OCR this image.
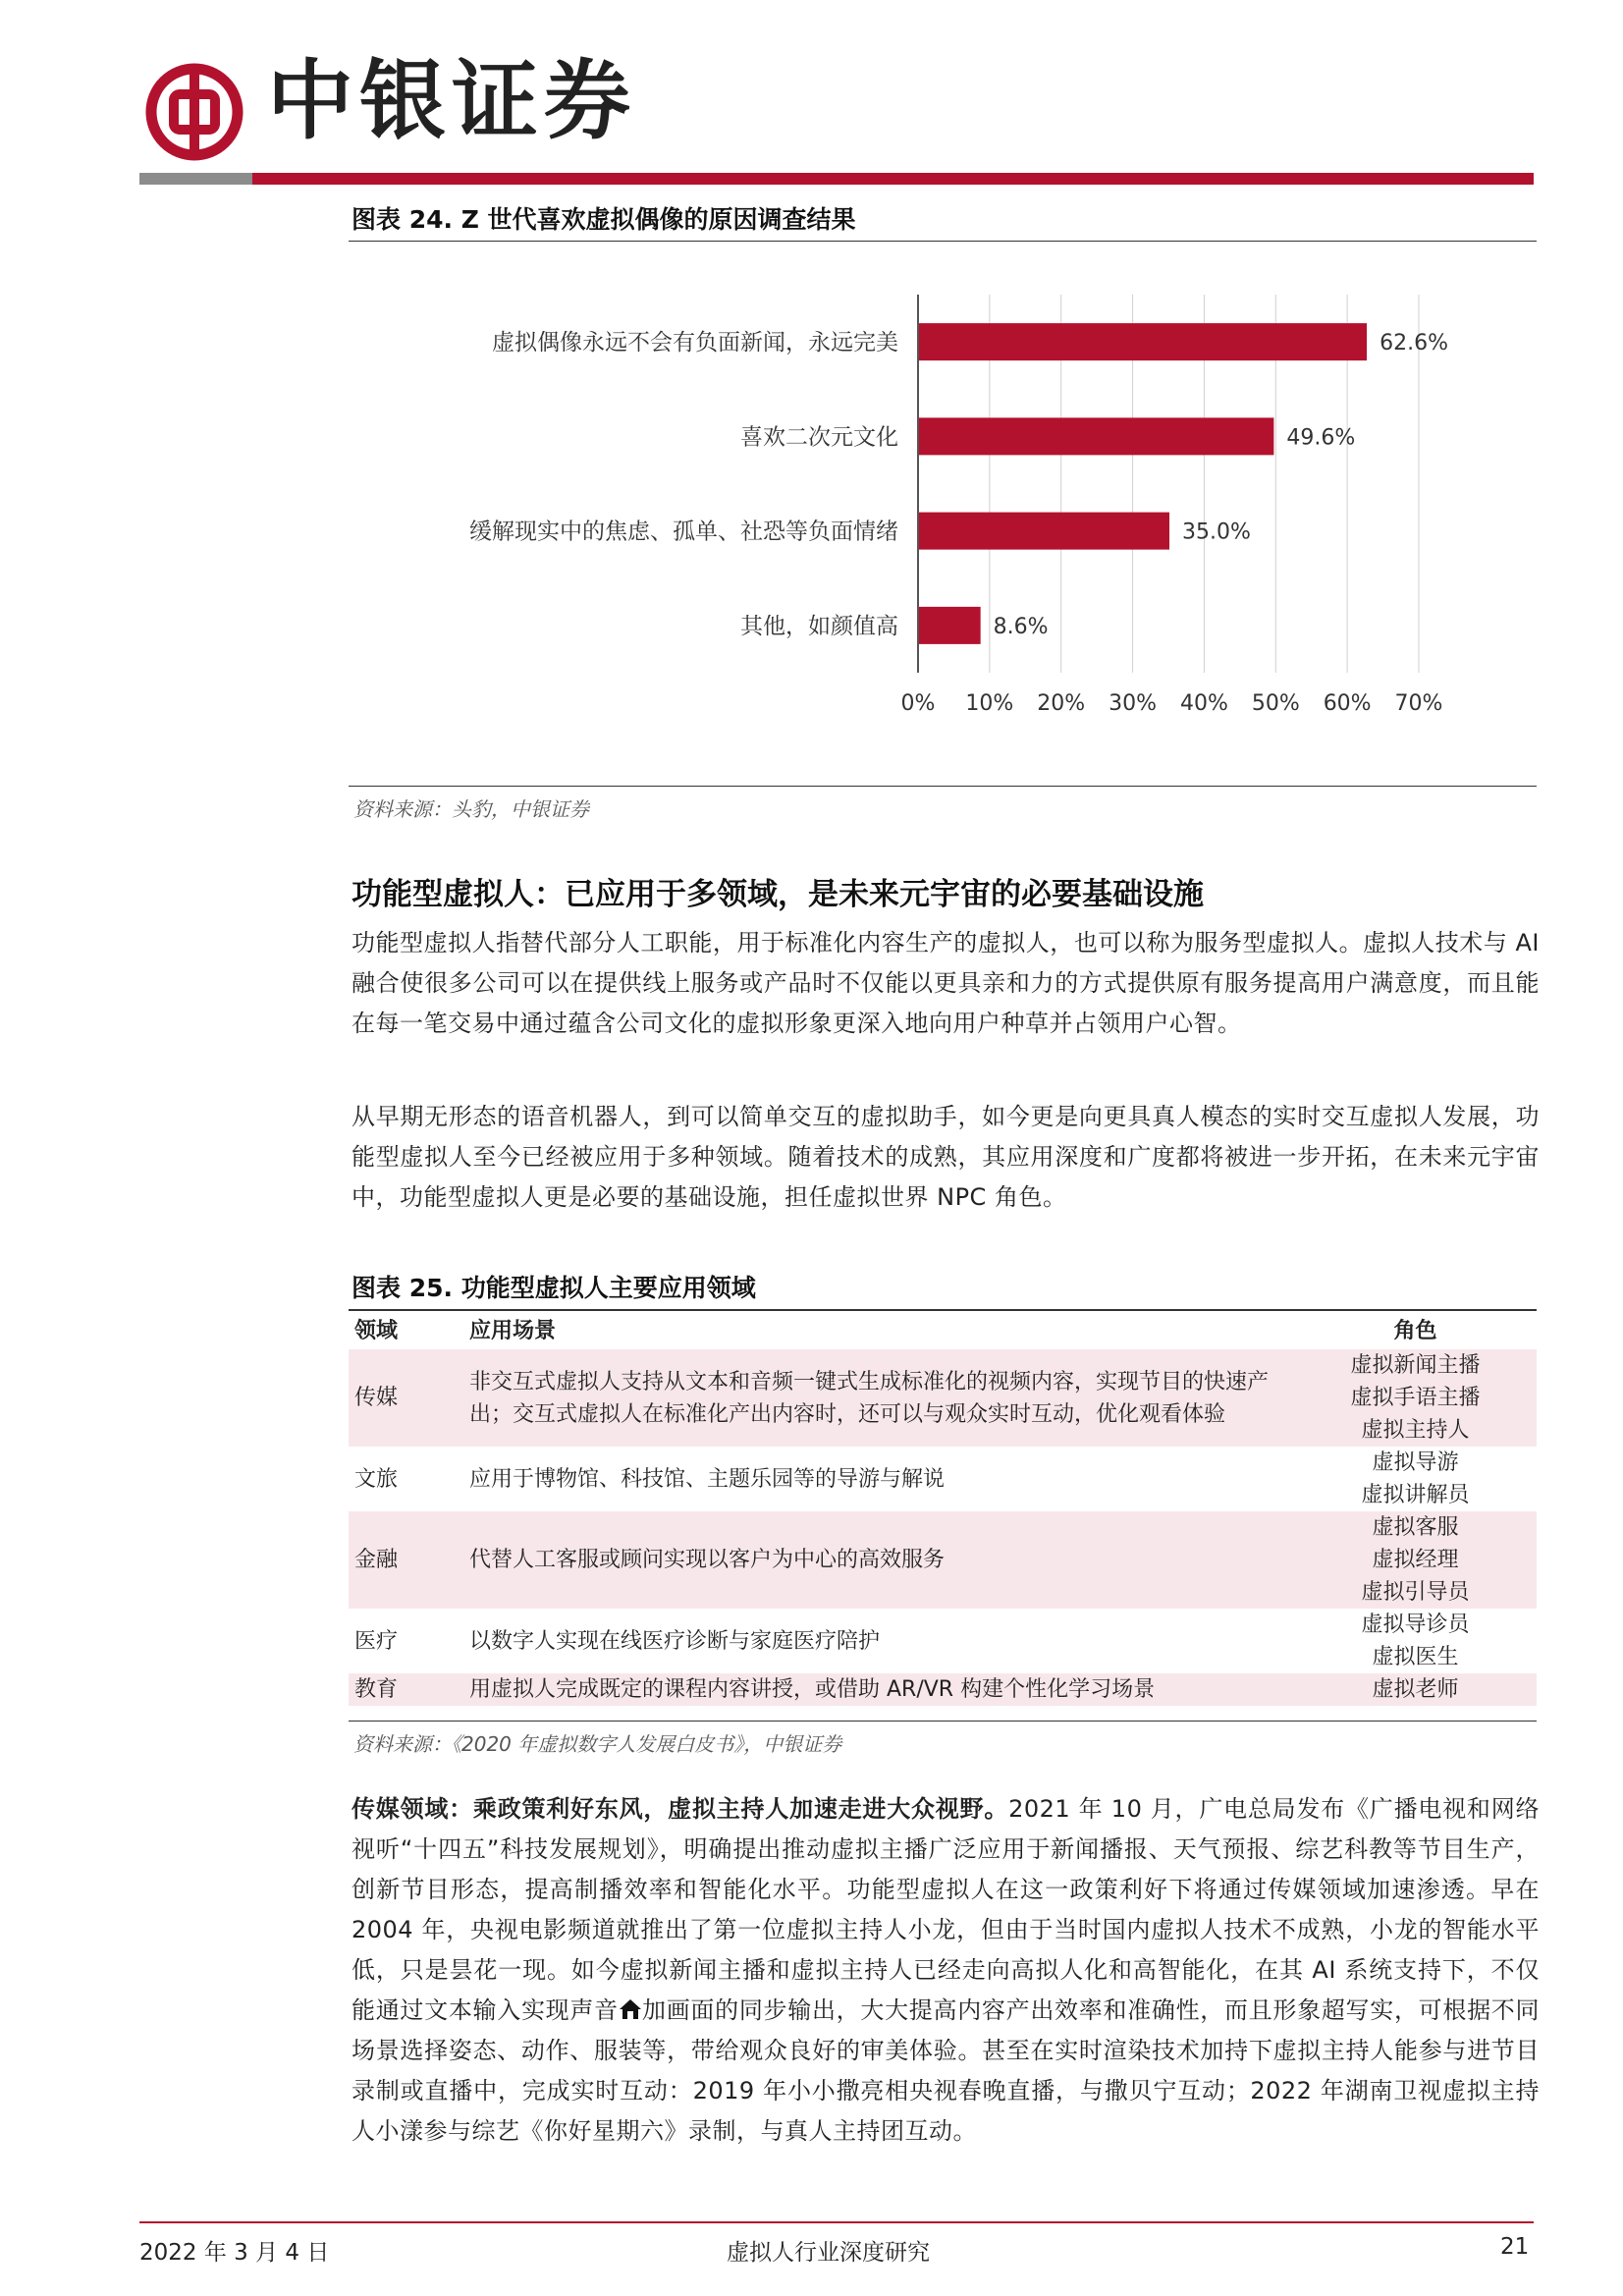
中银证券
图表 24. Z 世代喜欢虚拟偶像的原因调查结果
虚拟偶像永远不会有负面新闻，永远完美
喜欢二次元文化
缓解现实中的焦虑、孤单、社恐等负面情绪
其他，如颜值高
62.6%
49.6%
35.0%
8.6%
0% 10% 20% 30% 40% 50% 60% 70%
资料来源：头豹，中银证券
功能型虚拟人：已应用于多领域，是未来元宇宙的必要基础设施
功能型虚拟人指替代部分人工职能，用于标准化内容生产的虚拟人，也可以称为服务型虚拟人。虚拟人技术与 AI 融合使很多公司可以在提供线上服务或产品时不仅能以更具亲和力的方式提供原有服务提高用户满意度，而且能在每一笔交易中通过蕴含公司文化的虚拟形象更深入地向用户种草并占领用户心智。
从早期无形态的语音机器人，到可以简单交互的虚拟助手，如今更是向更具真人模态的实时交互虚拟人发展，功能型虚拟人至今已经被应用于多种领域。随着技术的成熟，其应用深度和广度都将被进一步开拓，在未来元宇宙中，功能型虚拟人更是必要的基础设施，担任虚拟世界 NPC 角色。
图表 25. 功能型虚拟人主要应用领域
领域	应用场景	角色
传媒	非交互式虚拟人支持从文本和音频一键式生成标准化的视频内容，实现节目的快速产出；交互式虚拟人在标准化产出内容时，还可以与观众实时互动，优化观看体验	虚拟新闻主播
虚拟手语主播
虚拟主持人

文旅	应用于博物馆、科技馆、主题乐园等的导游与解说	虚拟导游
虚拟讲解员

金融	代替人工客服或顾问实现以客户为中心的高效服务	虚拟客服
虚拟经理
虚拟引导员

医疗	以数字人实现在线医疗诊断与家庭医疗陪护	虚拟导诊员
虚拟医生

教育	用虚拟人完成既定的课程内容讲授，或借助 AR/VR 构建个性化学习场景	虚拟老师
资料来源：《2020 年虚拟数字人发展白皮书》，中银证券
传媒领域：乘政策利好东风，虚拟主持人加速走进大众视野。2021 年 10 月，广电总局发布《广播电视和网络视听“十四五”科技发展规划》，明确提出推动虚拟主播广泛应用于新闻播报、天气预报、综艺科教等节目生产，创新节目形态，提高制播效率和智能化水平。功能型虚拟人在这一政策利好下将通过传媒领域加速渗透。早在 2004 年，央视电影频道就推出了第一位虚拟主持人小龙，但由于当时国内虚拟人技术不成熟，小龙的智能水平低，只是昙花一现。如今虚拟新闻主播和虚拟主持人已经走向高拟人化和高智能化，在其 AI 系统支持下，不仅能通过文本输入实现声音 加画面的同步输出，大大提高内容产出效率和准确性，而且形象超写实，可根据不同场景选择姿态、动作、服装等，带给观众良好的审美体验。甚至在实时渲染技术加持下虚拟主持人能参与进节目录制或直播中，完成实时互动：2019 年小小撒亮相央视春晚直播，与撒贝宁互动；2022 年湖南卫视虚拟主持人小漾参与综艺《你好星期六》录制，与真人主持团互动。
2022 年 3 月 4 日	虚拟人行业深度研究	21
